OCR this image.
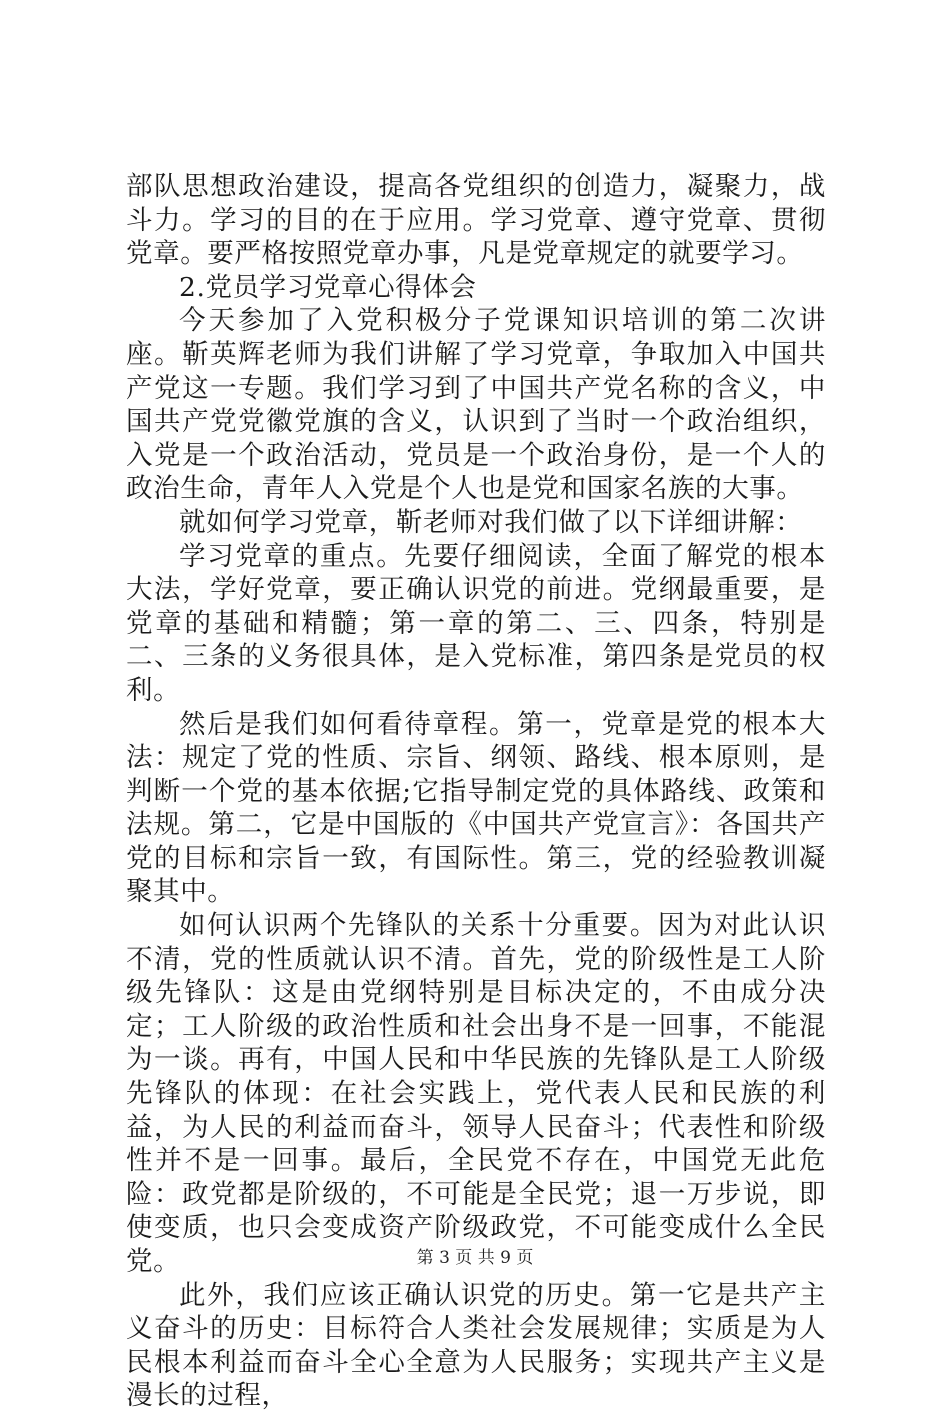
部队思想政治建设，提高各党组织的创造力，凝聚力，战斗力。学习的目的在于应用。学习党章、遵守党章、贯彻党章。要严格按照党章办事，凡是党章规定的就要学习。

2.党员学习党章心得体会

今天参加了入党积极分子党课知识培训的第二次讲座。靳英辉老师为我们讲解了学习党章，争取加入中国共产党这一专题。我们学习到了中国共产党名称的含义，中国共产党党徽党旗的含义，认识到了当时一个政治组织，入党是一个政治活动，党员是一个政治身份，是一个人的政治生命，青年人入党是个人也是党和国家名族的大事。

就如何学习党章，靳老师对我们做了以下详细讲解：

学习党章的重点。先要仔细阅读，全面了解党的根本大法，学好党章，要正确认识党的前进。党纲最重要，是党章的基础和精髓；第一章的第二、三、四条，特别是二、三条的义务很具体，是入党标准，第四条是党员的权利。

然后是我们如何看待章程。第一，党章是党的根本大法：规定了党的性质、宗旨、纲领、路线、根本原则，是判断一个党的基本依据;它指导制定党的具体路线、政策和法规。第二，它是中国版的《中国共产党宣言》：各国共产党的目标和宗旨一致，有国际性。第三，党的经验教训凝聚其中。

如何认识两个先锋队的关系十分重要。因为对此认识不清，党的性质就认识不清。首先，党的阶级性是工人阶级先锋队：这是由党纲特别是目标决定的，不由成分决定；工人阶级的政治性质和社会出身不是一回事，不能混为一谈。再有，中国人民和中华民族的先锋队是工人阶级先锋队的体现：在社会实践上，党代表人民和民族的利益，为人民的利益而奋斗，领导人民奋斗；代表性和阶级性并不是一回事。最后，全民党不存在，中国党无此危险：政党都是阶级的，不可能是全民党；退一万步说，即使变质，也只会变成资产阶级政党，不可能变成什么全民党。

此外，我们应该正确认识党的历史。第一它是共产主义奋斗的历史：目标符合人类社会发展规律；实质是为人民根本利益而奋斗全心全意为人民服务；实现共产主义是漫长的过程，

第 3 页 共 9 页
